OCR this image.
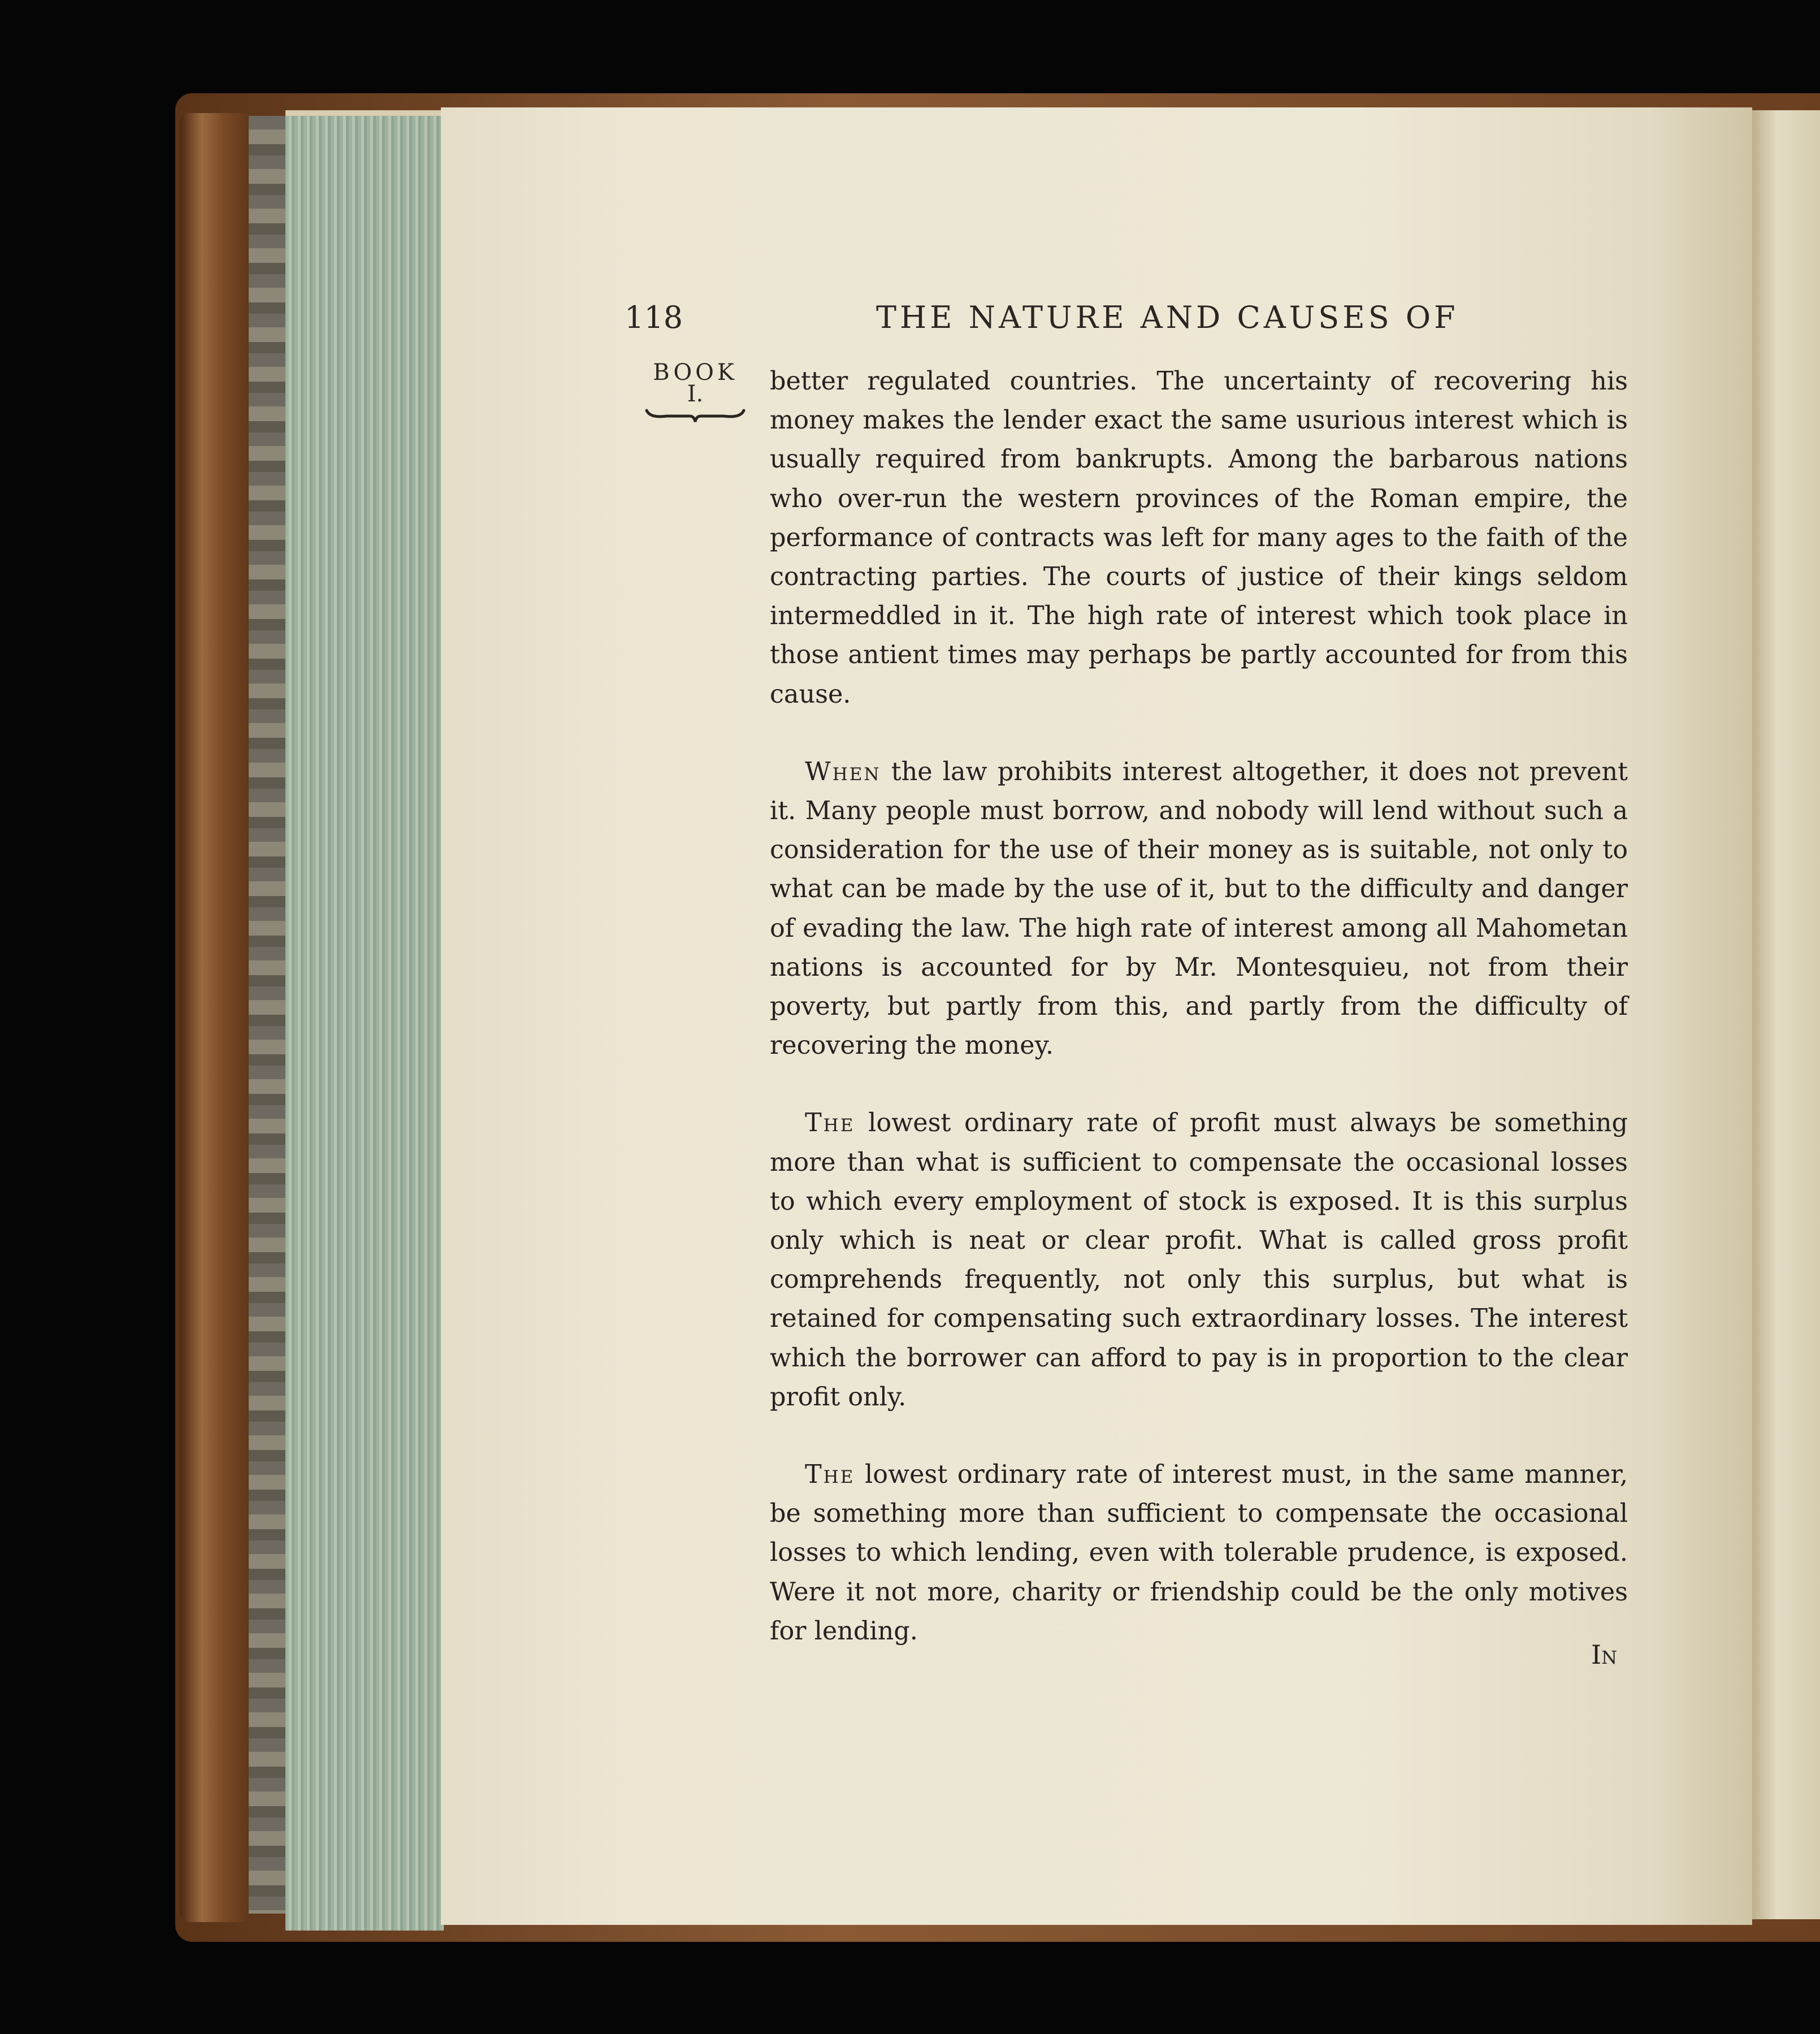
118	THE NATURE AND CAUSES OF
BOOK
I.	better regulated countries. The uncertainty of recovering his money makes the lender exact the same usurious interest which is usually required from bankrupts. Among the barbarous nations who over-run the western provinces of the Roman empire, the performance of contracts was left for many ages to the faith of the contracting parties. The courts of justice of their kings seldom intermeddled in it. The high rate of interest which took place in those antient times may perhaps be partly accounted for from this cause.

When the law prohibits interest altogether, it does not prevent it. Many people must borrow, and nobody will lend without such a consideration for the use of their money as is suitable, not only to what can be made by the use of it, but to the difficulty and danger of evading the law. The high rate of interest among all Mahometan nations is accounted for by Mr. Montesquieu, not from their poverty, but partly from this, and partly from the difficulty of recovering the money.

The lowest ordinary rate of profit must always be something more than what is sufficient to compensate the occasional losses to which every employment of stock is exposed. It is this surplus only which is neat or clear profit. What is called gross profit comprehends frequently, not only this surplus, but what is retained for compensating such extraordinary losses. The interest which the borrower can afford to pay is in proportion to the clear profit only.

The lowest ordinary rate of interest must, in the same manner, be something more than sufficient to compensate the occasional losses to which lending, even with tolerable prudence, is exposed. Were it not more, charity or friendship could be the only motives for lending.

In
